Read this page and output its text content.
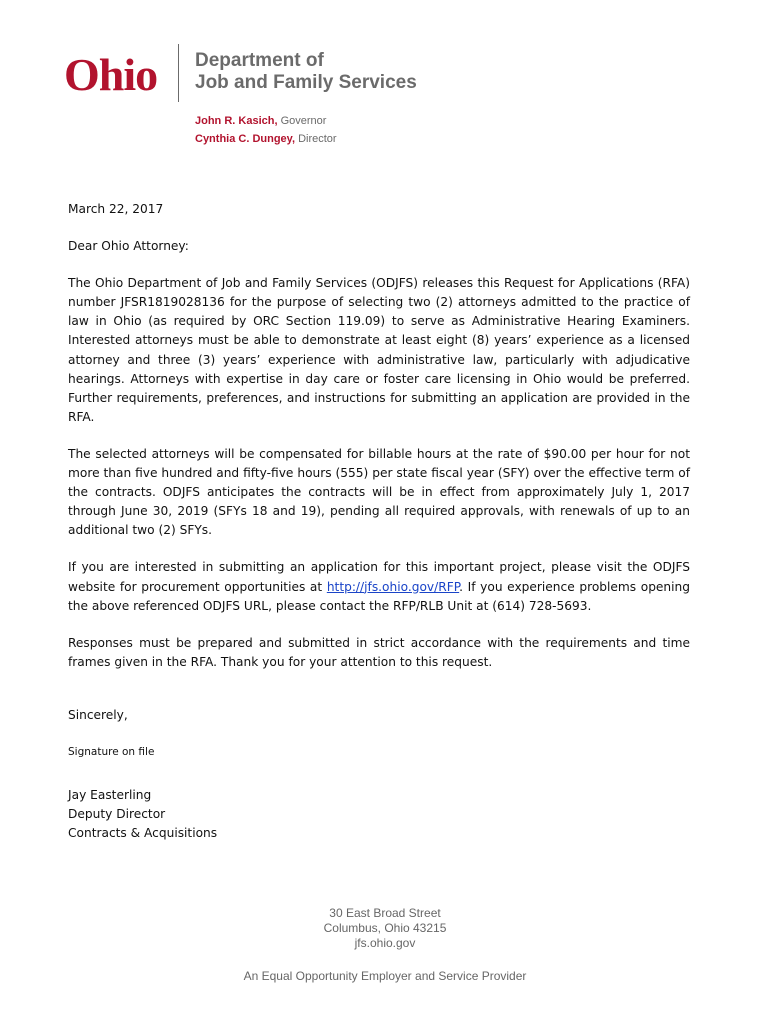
Ohio Department of
Job and Family Services
John R. Kasich, Governor
Cynthia C. Dungey, Director

March 22, 2017

Dear Ohio Attorney:

The Ohio Department of Job and Family Services (ODJFS) releases this Request for Applications (RFA) number JFSR1819028136 for the purpose of selecting two (2) attorneys admitted to the practice of law in Ohio (as required by ORC Section 119.09) to serve as Administrative Hearing Examiners. Interested attorneys must be able to demonstrate at least eight (8) years’ experience as a licensed attorney and three (3) years’ experience with administrative law, particularly with adjudicative hearings. Attorneys with expertise in day care or foster care licensing in Ohio would be preferred. Further requirements, preferences, and instructions for submitting an application are provided in the RFA.

The selected attorneys will be compensated for billable hours at the rate of $90.00 per hour for not more than five hundred and fifty-five hours (555) per state fiscal year (SFY) over the effective term of the contracts. ODJFS anticipates the contracts will be in effect from approximately July 1, 2017 through June 30, 2019 (SFYs 18 and 19), pending all required approvals, with renewals of up to an additional two (2) SFYs.

If you are interested in submitting an application for this important project, please visit the ODJFS website for procurement opportunities at http://jfs.ohio.gov/RFP. If you experience problems opening the above referenced ODJFS URL, please contact the RFP/RLB Unit at (614) 728-5693.

Responses must be prepared and submitted in strict accordance with the requirements and time frames given in the RFA. Thank you for your attention to this request.

Sincerely,

Signature on file

Jay Easterling

Deputy Director

Contracts & Acquisitions

30 East Broad Street
Columbus, Ohio 43215
jfs.ohio.gov
An Equal Opportunity Employer and Service Provider
